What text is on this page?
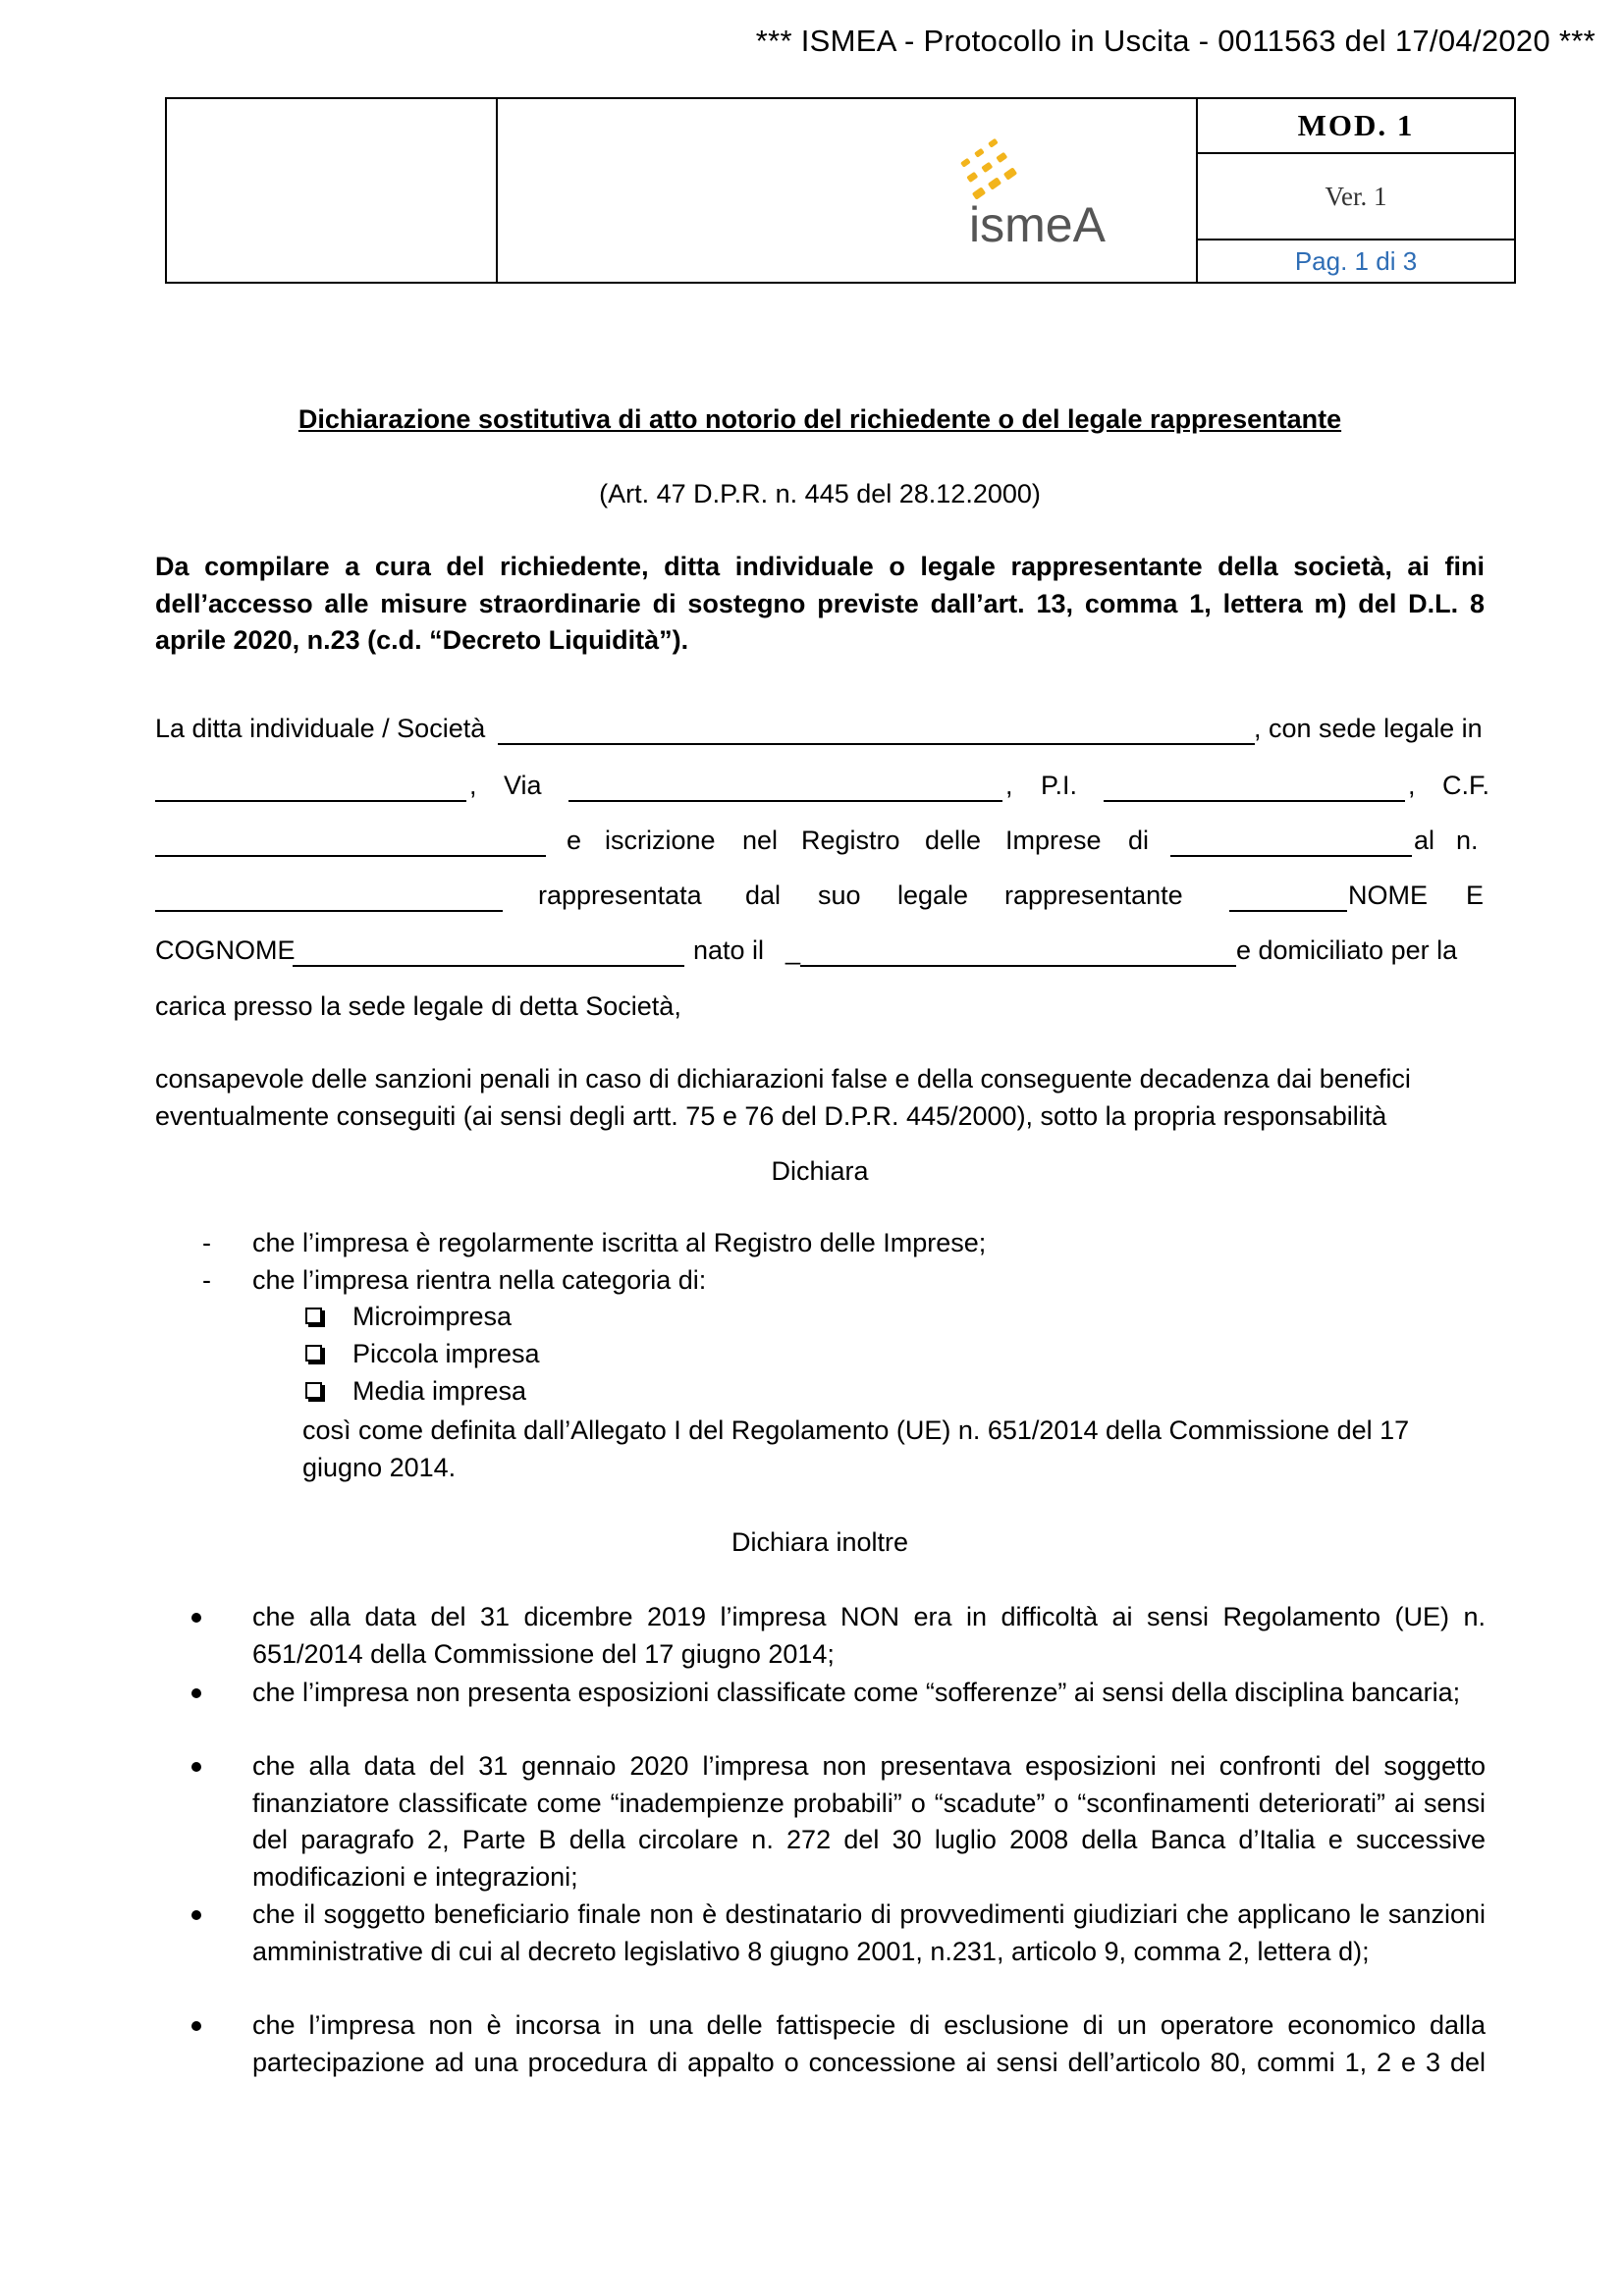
*** ISMEA - Protocollo in Uscita - 0011563 del 17/04/2020 ***
ismeA
MOD. 1
Ver. 1
Pag. 1 di 3
Dichiarazione sostitutiva di atto notorio del richiedente o del legale rappresentante
(Art. 47 D.P.R. n. 445 del 28.12.2000)
Da compilare a cura del richiedente, ditta individuale o legale rappresentante della società, ai fini dell’accesso alle misure straordinarie di sostegno previste dall’art. 13, comma 1, lettera m) del D.L. 8 aprile 2020, n.23 (c.d. “Decreto Liquidità”).
La ditta individuale / Società	, con sede legale in
, Via	, P.I.	, C.F.
e iscrizione nel Registro delle Imprese di	al n.
rappresentata dal suo legale rappresentante	NOME E
COGNOME	nato il _	e domiciliato per la
carica presso la sede legale di detta Società,
consapevole delle sanzioni penali in caso di dichiarazioni false e della conseguente decadenza dai benefici eventualmente conseguiti (ai sensi degli artt. 75 e 76 del D.P.R. 445/2000), sotto la propria responsabilità
Dichiara
- che l’impresa è regolarmente iscritta al Registro delle Imprese;
- che l’impresa rientra nella categoria di:
Microimpresa
Piccola impresa
Media impresa
così come definita dall’Allegato I del Regolamento (UE) n. 651/2014 della Commissione del 17 giugno 2014.
Dichiara inoltre
che alla data del 31 dicembre 2019 l’impresa NON era in difficoltà ai sensi Regolamento (UE) n. 651/2014 della Commissione del 17 giugno 2014;
che l’impresa non presenta esposizioni classificate come “sofferenze” ai sensi della disciplina bancaria;
che alla data del 31 gennaio 2020 l’impresa non presentava esposizioni nei confronti del soggetto finanziatore classificate come “inadempienze probabili” o “scadute” o “sconfinamenti deteriorati” ai sensi del paragrafo 2, Parte B della circolare n. 272 del 30 luglio 2008 della Banca d’Italia e successive modificazioni e integrazioni;
che il soggetto beneficiario finale non è destinatario di provvedimenti giudiziari che applicano le sanzioni amministrative di cui al decreto legislativo 8 giugno 2001, n.231, articolo 9, comma 2, lettera d);
che l’impresa non è incorsa in una delle fattispecie di esclusione di un operatore economico dalla partecipazione ad una procedura di appalto o concessione ai sensi dell’articolo 80, commi 1, 2 e 3 del
